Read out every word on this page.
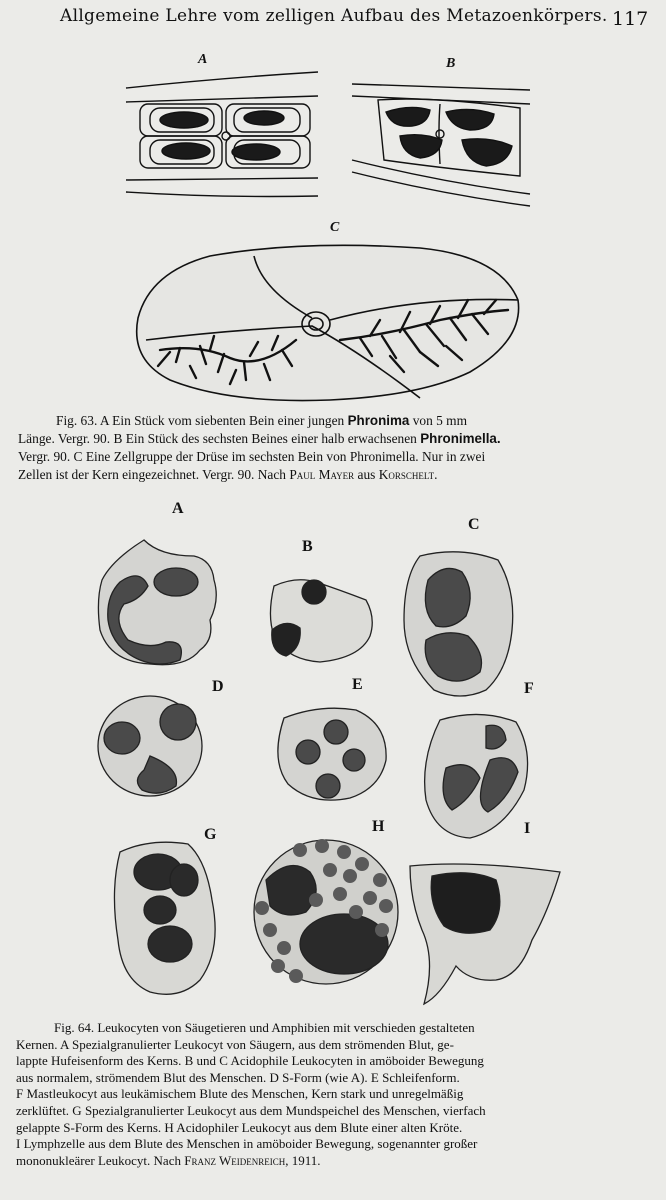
Allgemeine Lehre vom zelligen Aufbau des Metazoenkörpers. 117
A	B
C
Fig. 63. A Ein Stück vom siebenten Bein einer jungen Phronima von 5 mm
Länge. Vergr. 90. B Ein Stück des sechsten Beines einer halb erwachsenen Phronimella.
Vergr. 90. C Eine Zellgruppe der Drüse im sechsten Bein von Phronimella. Nur in zwei
Zellen ist der Kern eingezeichnet. Vergr. 90. Nach Paul Mayer aus Korschelt.
A
B
C
D	E	F
G	H	I
Fig. 64. Leukocyten von Säugetieren und Amphibien mit verschieden gestalteten
Kernen. A Spezialgranulierter Leukocyt von Säugern, aus dem strömenden Blut, ge-
lappte Hufeisenform des Kerns. B und C Acidophile Leukocyten in amöboider Bewegung
aus normalem, strömendem Blut des Menschen. D S-Form (wie A). E Schleifenform.
F Mastleukocyt aus leukämischem Blute des Menschen, Kern stark und unregelmäßig
zerklüftet. G Spezialgranulierter Leukocyt aus dem Mundspeichel des Menschen, vierfach
gelappte S-Form des Kerns. H Acidophiler Leukocyt aus dem Blute einer alten Kröte.
I Lymphzelle aus dem Blute des Menschen in amöboider Bewegung, sogenannter großer
mononukleärer Leukocyt. Nach Franz Weidenreich, 1911.
